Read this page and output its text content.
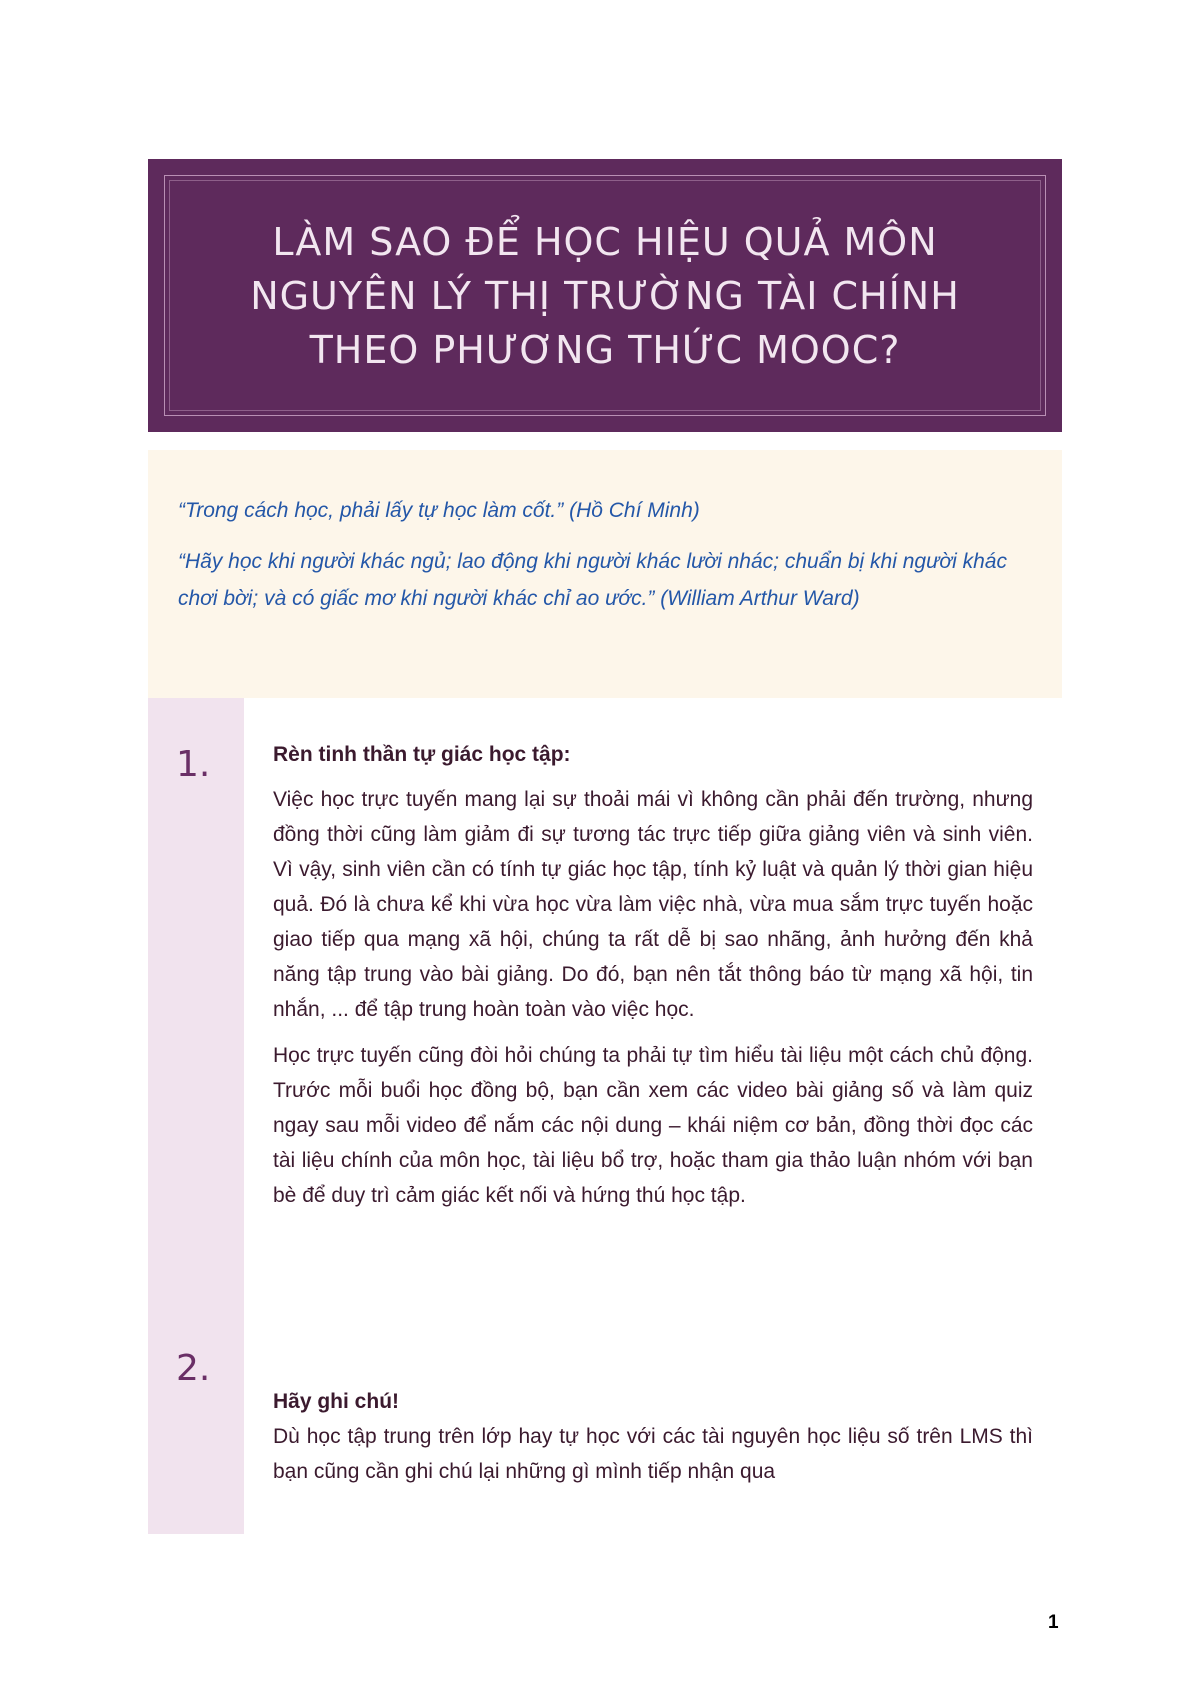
LÀM SAO ĐỂ HỌC HIỆU QUẢ MÔN
NGUYÊN LÝ THỊ TRƯỜNG TÀI CHÍNH
THEO PHƯƠNG THỨC MOOC?

“Trong cách học, phải lấy tự học làm cốt.” (Hồ Chí Minh)

“Hãy học khi người khác ngủ; lao động khi người khác lười nhác; chuẩn bị khi người khác chơi bời; và có giấc mơ khi người khác chỉ ao ước.” (William Arthur Ward)

1.
2.

Rèn tinh thần tự giác học tập:

Việc học trực tuyến mang lại sự thoải mái vì không cần phải đến trường, nhưng đồng thời cũng làm giảm đi sự tương tác trực tiếp giữa giảng viên và sinh viên. Vì vậy, sinh viên cần có tính tự giác học tập, tính kỷ luật và quản lý thời gian hiệu quả. Đó là chưa kể khi vừa học vừa làm việc nhà, vừa mua sắm trực tuyến hoặc giao tiếp qua mạng xã hội, chúng ta rất dễ bị sao nhãng, ảnh hưởng đến khả năng tập trung vào bài giảng. Do đó, bạn nên tắt thông báo từ mạng xã hội, tin nhắn, ... để tập trung hoàn toàn vào việc học.

Học trực tuyến cũng đòi hỏi chúng ta phải tự tìm hiểu tài liệu một cách chủ động. Trước mỗi buổi học đồng bộ, bạn cần xem các video bài giảng số và làm quiz ngay sau mỗi video để nắm các nội dung – khái niệm cơ bản, đồng thời đọc các tài liệu chính của môn học, tài liệu bổ trợ, hoặc tham gia thảo luận nhóm với bạn bè để duy trì cảm giác kết nối và hứng thú học tập.

Hãy ghi chú!

Dù học tập trung trên lớp hay tự học với các tài nguyên học liệu số trên LMS thì bạn cũng cần ghi chú lại những gì mình tiếp nhận qua

1
